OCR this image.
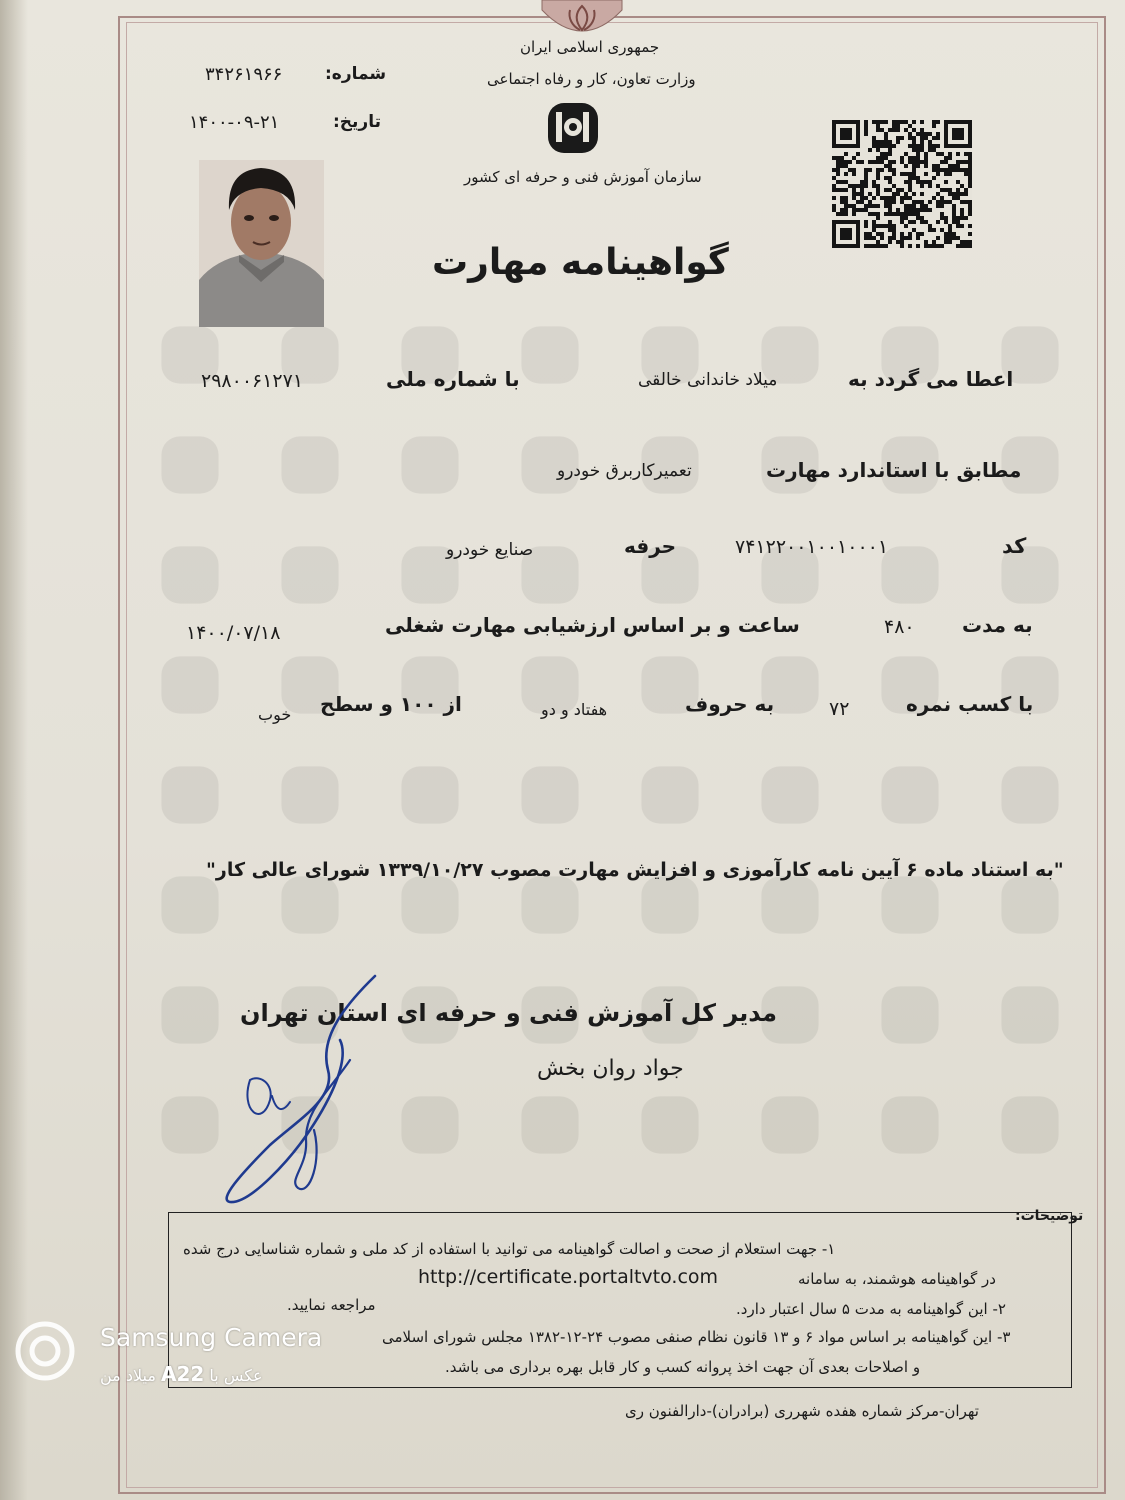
جمهوری اسلامی ایران
وزارت تعاون، کار و رفاه اجتماعی
سازمان آموزش فنی و حرفه ای کشور
شماره:
۳۴۲۶۱۹۶۶
تاریخ:
۱۴۰۰-۰۹-۲۱
گواهینامه مهارت
اعطا می گردد به
میلاد خاندانی خالقی
با شماره ملی
۲۹۸۰۰۶۱۲۷۱
مطابق با استاندارد مهارت
تعمیرکاربرق خودرو
کد
۷۴۱۲۲۰۰۱۰۰۱۰۰۰۱
حرفه
صنایع خودرو
به مدت
۴۸۰
ساعت و بر اساس ارزشیابی مهارت شغلی
۱۴۰۰/۰۷/۱۸
با کسب نمره
۷۲
به حروف
هفتاد و دو
از ۱۰۰ و سطح
خوب
"به استناد ماده ۶ آیین نامه کارآموزی و افزایش مهارت مصوب ۱۳۳۹/۱۰/۲۷ شورای عالی کار"
مدیر کل آموزش فنی و حرفه ای استان تهران
جواد روان بخش
توضیحات:
۱- جهت استعلام از صحت و اصالت گواهینامه می توانید با استفاده از کد ملی و شماره شناسایی درج شده
در گواهینامه هوشمند، به سامانه
http://certificate.portaltvto.com
مراجعه نمایید.	۲- این گواهینامه به مدت ۵ سال اعتبار دارد.
۳- این گواهینامه بر اساس مواد ۶ و ۱۳ قانون نظام صنفی مصوب ۲۴-۱۲-۱۳۸۲ مجلس شورای اسلامی
و اصلاحات بعدی آن جهت اخذ پروانه کسب و کار قابل بهره برداری می باشد.
تهران-مرکز شماره هفده شهرری (برادران)-دارالفنون ری
Samsung Camera
عکس با A22 میلاد من
